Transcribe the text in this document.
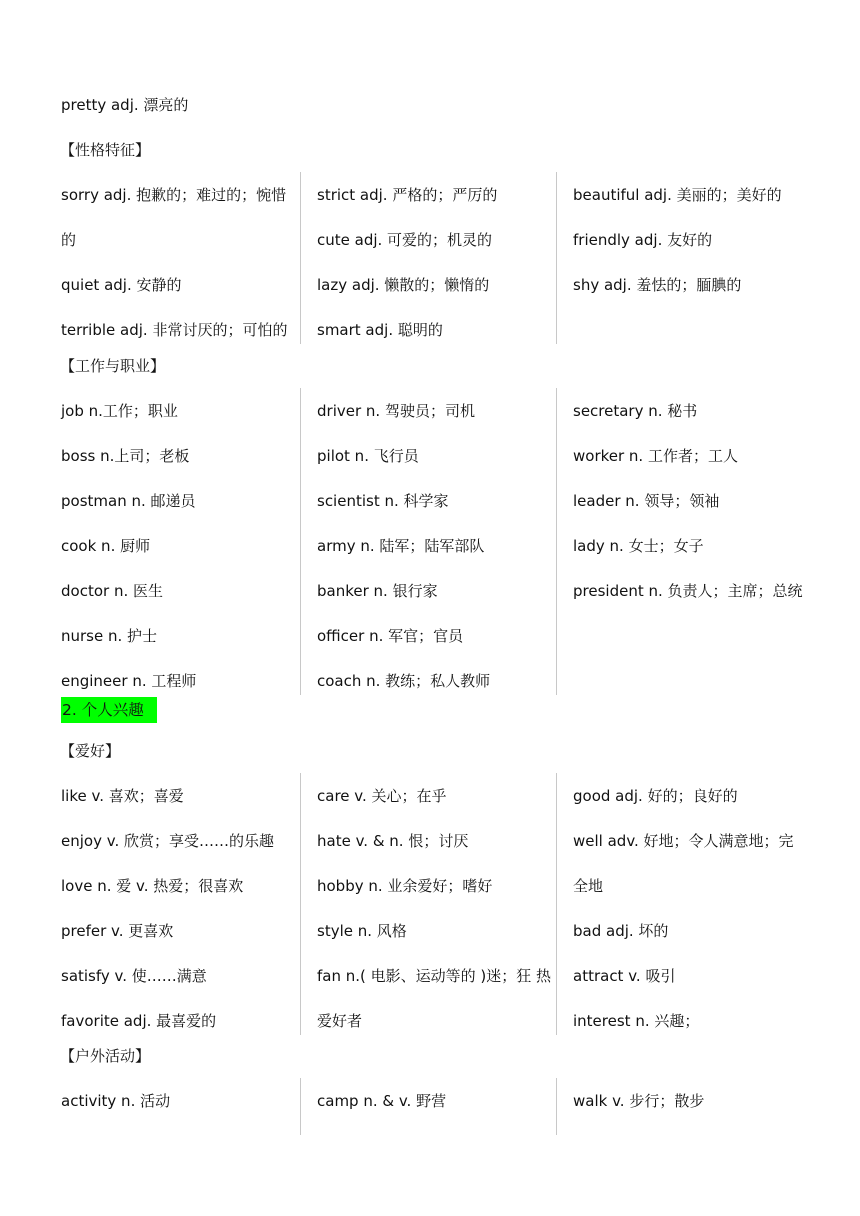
pretty adj. 漂亮的
【性格特征】
sorry adj. 抱歉的；难过的；惋惜
的
quiet adj. 安静的
terrible adj. 非常讨厌的；可怕的
strict adj. 严格的；严厉的
cute adj. 可爱的；机灵的
lazy adj. 懒散的；懒惰的
smart adj. 聪明的
beautiful adj. 美丽的；美好的
friendly adj. 友好的
shy adj. 羞怯的；腼腆的
【工作与职业】
job n.工作；职业
boss n.上司；老板
postman n. 邮递员
cook n. 厨师
doctor n. 医生
nurse n. 护士
engineer n. 工程师
driver n. 驾驶员；司机
pilot n. 飞行员
scientist n. 科学家
army n. 陆军；陆军部队
banker n. 银行家
officer n. 军官；官员
coach n. 教练；私人教师
secretary n. 秘书
worker n. 工作者；工人
leader n. 领导；领袖
lady n. 女士；女子
president n. 负责人；主席；总统
2. 个人兴趣
【爱好】
like v. 喜欢；喜爱
enjoy v. 欣赏；享受……的乐趣
love n. 爱 v. 热爱；很喜欢
prefer v. 更喜欢
satisfy v. 使……满意
favorite adj. 最喜爱的
care v. 关心；在乎
hate v. & n. 恨；讨厌
hobby n. 业余爱好；嗜好
style n. 风格
fan n.( 电影、运动等的 )迷；狂 热
爱好者
good adj. 好的；良好的
well adv. 好地；令人满意地；完
全地
bad adj. 坏的
attract v. 吸引
interest n. 兴趣；
【户外活动】
activity n. 活动	camp n. & v. 野营	walk v. 步行；散步
